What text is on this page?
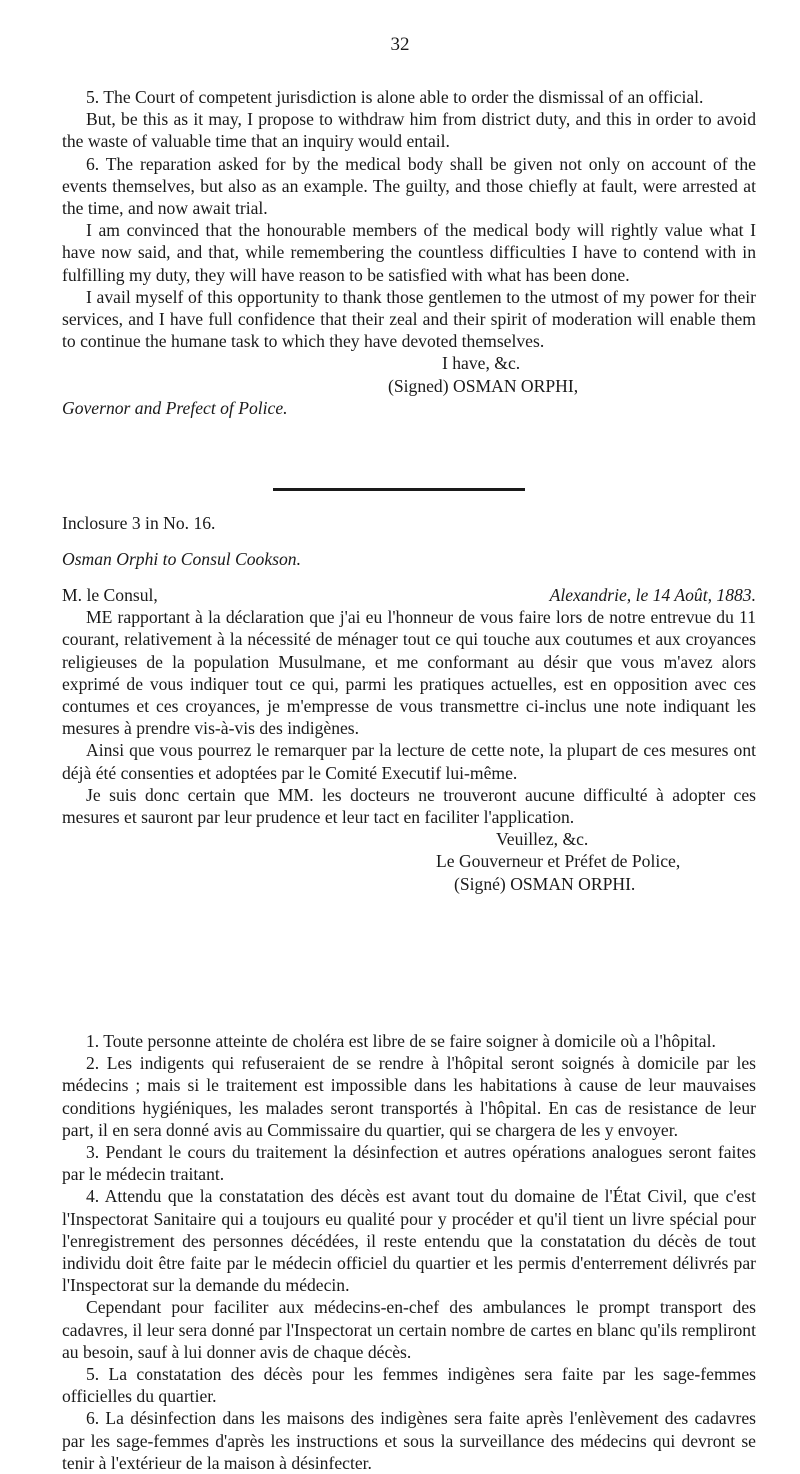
32

5. The Court of competent jurisdiction is alone able to order the dismissal of an official.

But, be this as it may, I propose to withdraw him from district duty, and this in order to avoid the waste of valuable time that an inquiry would entail.

6. The reparation asked for by the medical body shall be given not only on account of the events themselves, but also as an example. The guilty, and those chiefly at fault, were arrested at the time, and now await trial.

I am convinced that the honourable members of the medical body will rightly value what I have now said, and that, while remembering the countless difficulties I have to contend with in fulfilling my duty, they will have reason to be satisfied with what has been done.

I avail myself of this opportunity to thank those gentlemen to the utmost of my power for their services, and I have full confidence that their zeal and their spirit of moderation will enable them to continue the humane task to which they have devoted themselves.

I have, &c.

(Signed) OSMAN ORPHI,

Governor and Prefect of Police.

Inclosure 3 in No. 16.

Osman Orphi to Consul Cookson.

M. le Consul,	Alexandrie, le 14 Août, 1883.

ME rapportant à la déclaration que j'ai eu l'honneur de vous faire lors de notre entrevue du 11 courant, relativement à la nécessité de ménager tout ce qui touche aux coutumes et aux croyances religieuses de la population Musulmane, et me conformant au désir que vous m'avez alors exprimé de vous indiquer tout ce qui, parmi les pratiques actuelles, est en opposition avec ces contumes et ces croyances, je m'empresse de vous transmettre ci-inclus une note indiquant les mesures à prendre vis-à-vis des indigènes.

Ainsi que vous pourrez le remarquer par la lecture de cette note, la plupart de ces mesures ont déjà été consenties et adoptées par le Comité Executif lui-même.

Je suis donc certain que MM. les docteurs ne trouveront aucune difficulté à adopter ces mesures et sauront par leur prudence et leur tact en faciliter l'application.

Veuillez, &c.

Le Gouverneur et Préfet de Police,

(Signé) OSMAN ORPHI.

1. Toute personne atteinte de choléra est libre de se faire soigner à domicile où a l'hôpital.

2. Les indigents qui refuseraient de se rendre à l'hôpital seront soignés à domicile par les médecins ; mais si le traitement est impossible dans les habitations à cause de leur mauvaises conditions hygiéniques, les malades seront transportés à l'hôpital. En cas de resistance de leur part, il en sera donné avis au Commissaire du quartier, qui se chargera de les y envoyer.

3. Pendant le cours du traitement la désinfection et autres opérations analogues seront faites par le médecin traitant.

4. Attendu que la constatation des décès est avant tout du domaine de l'État Civil, que c'est l'Inspectorat Sanitaire qui a toujours eu qualité pour y procéder et qu'il tient un livre spécial pour l'enregistrement des personnes décédées, il reste entendu que la constatation du décès de tout individu doit être faite par le médecin officiel du quartier et les permis d'enterrement délivrés par l'Inspectorat sur la demande du médecin.

Cependant pour faciliter aux médecins-en-chef des ambulances le prompt transport des cadavres, il leur sera donné par l'Inspectorat un certain nombre de cartes en blanc qu'ils rempliront au besoin, sauf à lui donner avis de chaque décès.

5. La constatation des décès pour les femmes indigènes sera faite par les sage-femmes officielles du quartier.

6. La désinfection dans les maisons des indigènes sera faite après l'enlèvement des cadavres par les sage-femmes d'après les instructions et sous la surveillance des médecins qui devront se tenir à l'extérieur de la maison à désinfecter.
